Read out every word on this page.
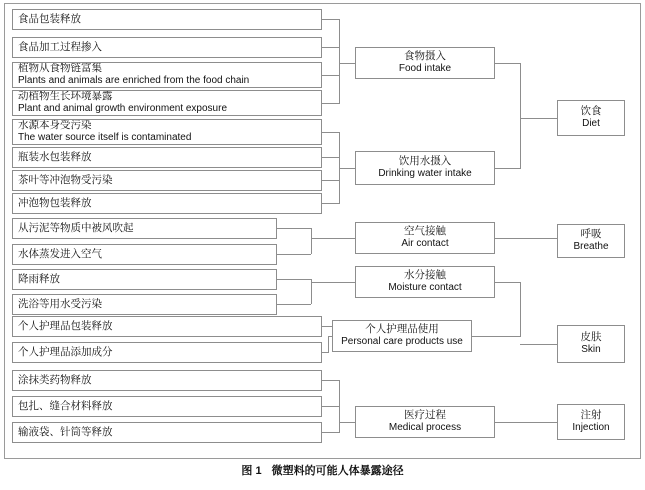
食品包装释放
食品加工过程掺入
植物从食物链富集
Plants and animals are enriched from the food chain
动植物生长环境暴露
Plant and animal growth environment exposure
水源本身受污染
The water source itself is contaminated
瓶装水包装释放
茶叶等冲泡物受污染
冲泡物包装释放
从污泥等物质中被风吹起
水体蒸发进入空气
降雨释放
洗浴等用水受污染
个人护理品包装释放
个人护理品添加成分
涂抹类药物释放
包扎、缝合材料释放
输液袋、针筒等释放
食物摄入
Food intake
饮用水摄入
Drinking water intake
空气接触
Air contact
水分接触
Moisture contact
个人护理品使用
Personal care products use
医疗过程
Medical process
饮食
Diet
呼吸
Breathe
皮肤
Skin
注射
Injection
图 1 微塑料的可能人体暴露途径
